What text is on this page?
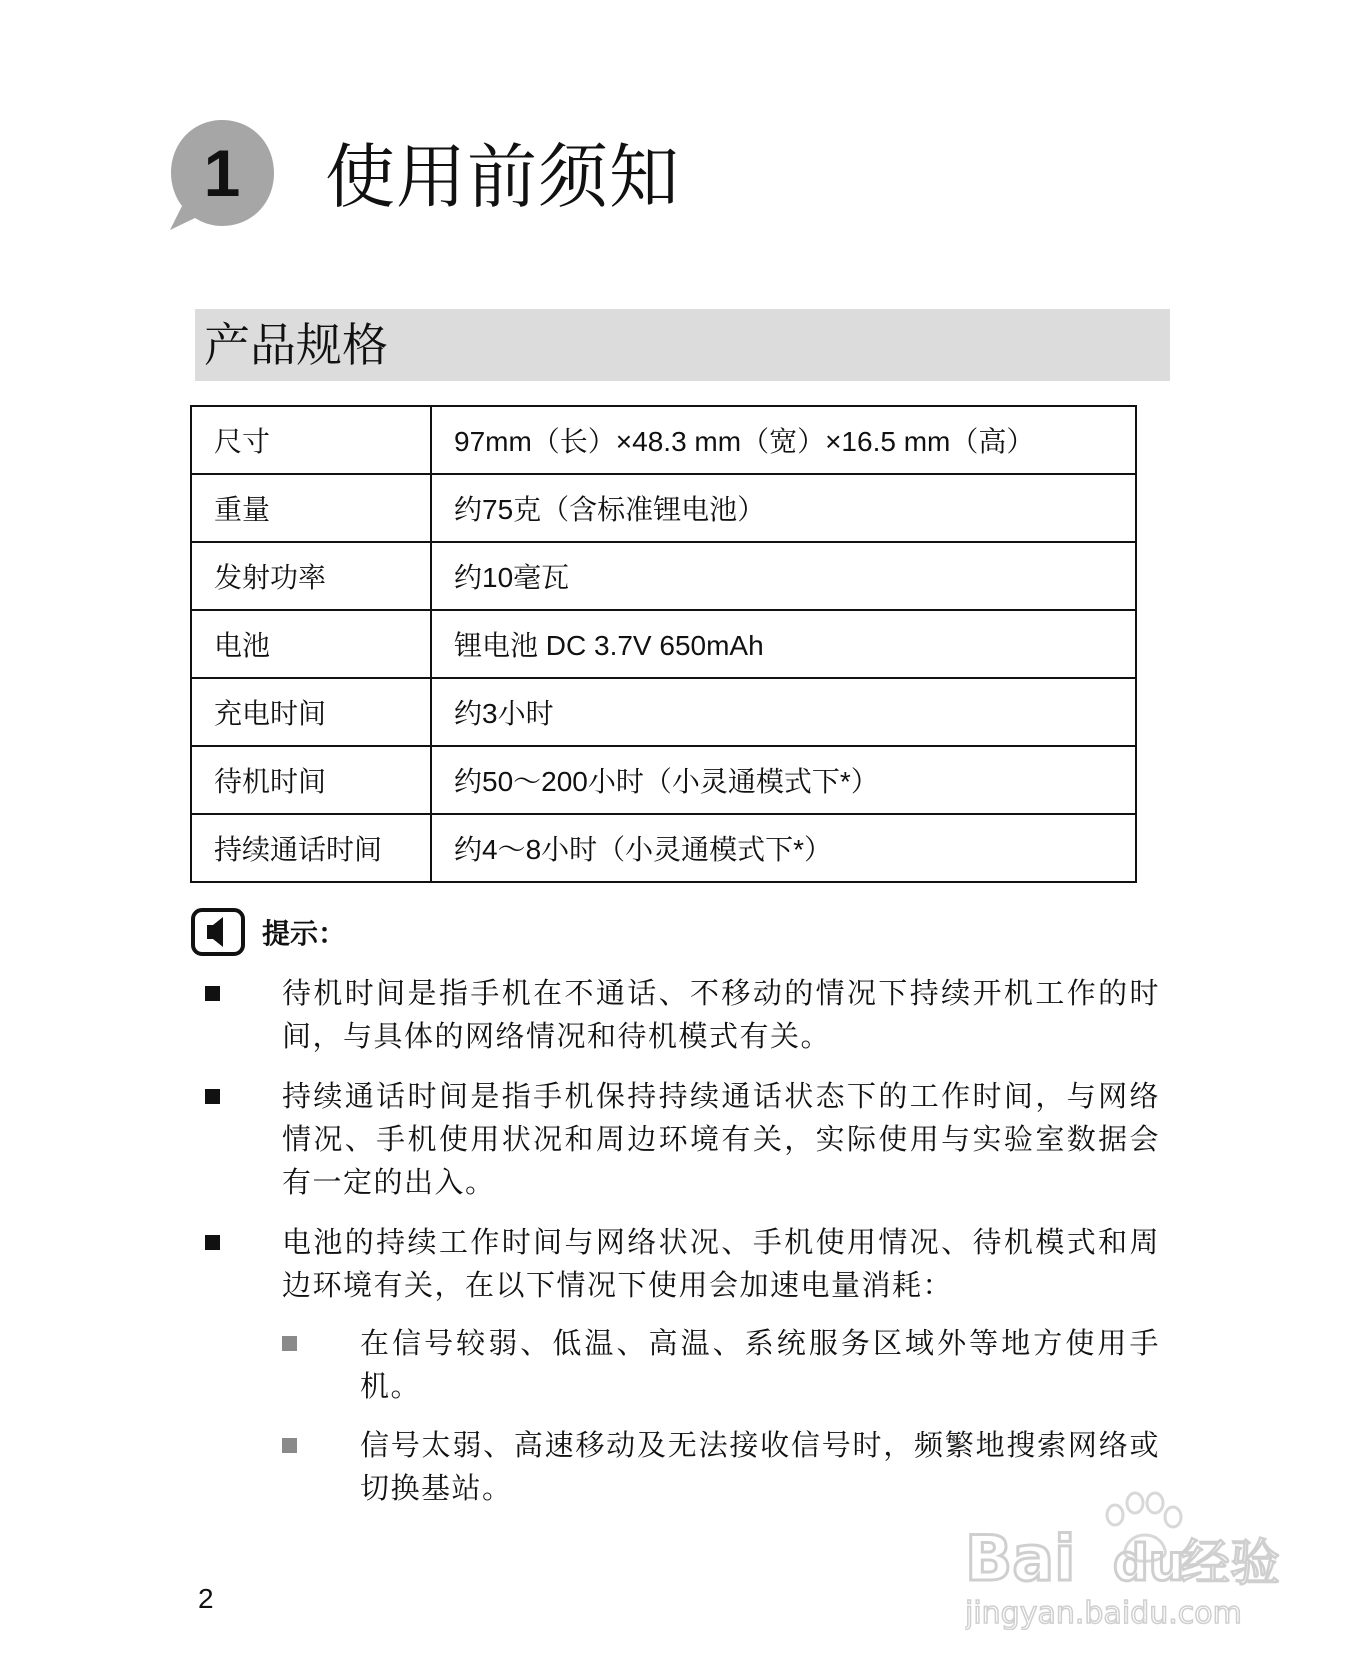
1	使用前须知
产品规格
尺寸	97mm（长）×48.3 mm（宽）×16.5 mm（高）
重量	约75克（含标准锂电池）
发射功率	约10毫瓦
电池	锂电池 DC 3.7V 650mAh
充电时间	约3小时
待机时间	约50～200小时（小灵通模式下*）
持续通话时间	约4～8小时（小灵通模式下*）
提示：
待机时间是指手机在不通话、不移动的情况下持续开机工作的时间，与具体的网络情况和待机模式有关。
持续通话时间是指手机保持持续通话状态下的工作时间，与网络情况、手机使用状况和周边环境有关，实际使用与实验室数据会有一定的出入。
电池的持续工作时间与网络状况、手机使用情况、待机模式和周边环境有关，在以下情况下使用会加速电量消耗：
在信号较弱、低温、高温、系统服务区域外等地方使用手机。
信号太弱、高速移动及无法接收信号时，频繁地搜索网络或切换基站。
2
Bai du
经验
jingyan.baidu.com
